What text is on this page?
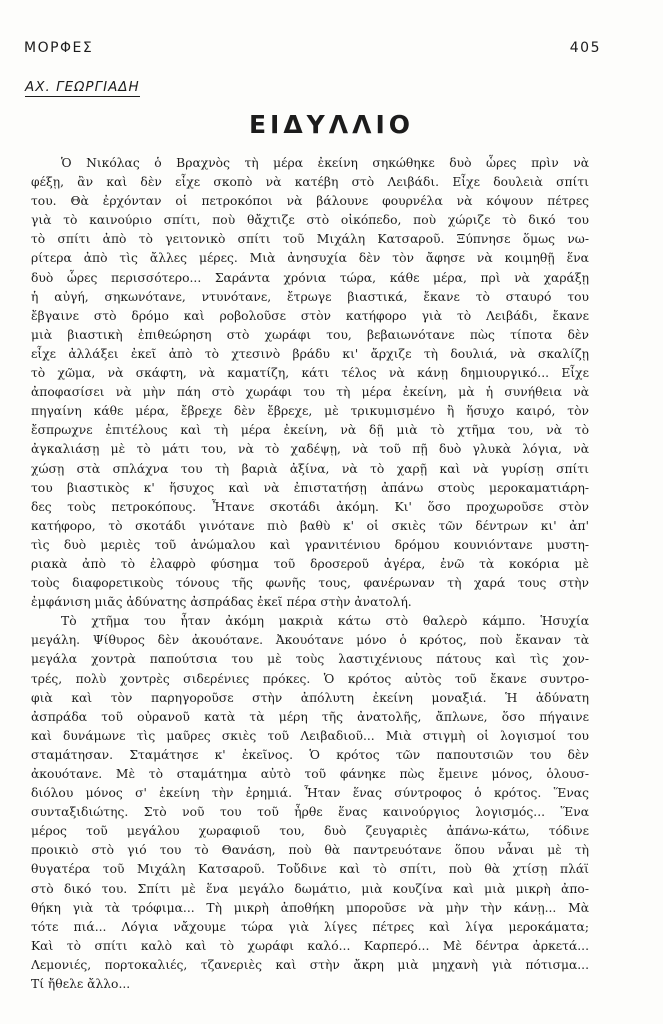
ΜΟΡΦΕΣ	405
ΑΧ. ΓΕΩΡΓΙΑΔΗ
ΕΙΔΥΛΛΙΟ
Ὁ Νικόλας ὁ Βραχνὸς τὴ μέρα ἐκείνη σηκώθηκε δυὸ ὧρες πρὶν νὰ
φέξῃ, ἂν καὶ δὲν εἶχε σκοπὸ νὰ κατέβη στὸ Λειβάδι. Εἶχε δουλειὰ σπίτι
του. Θὰ ἐρχόνταν οἱ πετροκόποι νὰ βάλουνε φουρνέλα νὰ κόψουν πέτρες
γιὰ τὸ καινούριο σπίτι, ποὺ θἄχτιζε στὸ οἰκόπεδο, ποὺ χώριζε τὸ δικό του
τὸ σπίτι ἀπὸ τὸ γειτονικὸ σπίτι τοῦ Μιχάλη Κατσαροῦ. Ξύπνησε ὅμως νω-
ρίτερα ἀπὸ τὶς ἄλλες μέρες. Μιὰ ἀνησυχία δὲν τὸν ἄφησε νὰ κοιμηθῇ ἕνα
δυὸ ὧρες περισσότερο... Σαράντα χρόνια τώρα, κάθε μέρα, πρὶ νὰ χαράξῃ
ἡ αὐγή, σηκωνότανε, ντυνότανε, ἔτρωγε βιαστικά, ἔκανε τὸ σταυρό του
ἔβγαινε στὸ δρόμο καὶ ροβολοῦσε στὸν κατήφορο γιὰ τὸ Λειβάδι, ἔκανε
μιὰ βιαστικὴ ἐπιθεώρηση στὸ χωράφι του, βεβαιωνότανε πὼς τίποτα δὲν
εἶχε ἀλλάξει ἐκεῖ ἀπὸ τὸ χτεσινὸ βράδυ κι' ἄρχιζε τὴ δουλιά, νὰ σκαλίζῃ
τὸ χῶμα, νὰ σκάφτη, νὰ καματίζη, κάτι τέλος νὰ κάνῃ δημιουργικό... Εἶχε
ἀποφασίσει νὰ μὴν πάη στὸ χωράφι του τὴ μέρα ἐκείνη, μὰ ἡ συνήθεια νὰ
πηγαίνη κάθε μέρα, ἔβρεχε δὲν ἔβρεχε, μὲ τρικυμισμένο ἢ ἥσυχο καιρό, τὸν
ἔσπρωχνε ἐπιτέλους καὶ τὴ μέρα ἐκείνη, νὰ δῇ μιὰ τὸ χτῆμα του, νὰ τὸ
ἀγκαλιάσῃ μὲ τὸ μάτι του, νὰ τὸ χαδέψῃ, νὰ τοῦ πῇ δυὸ γλυκὰ λόγια, νὰ
χώσῃ στὰ σπλάχνα του τὴ βαριὰ ἀξίνα, νὰ τὸ χαρῇ καὶ νὰ γυρίσῃ σπίτι
του βιαστικὸς κ' ἥσυχος καὶ νὰ ἐπιστατήσῃ ἀπάνω στοὺς μεροκαματιάρη-
δες τοὺς πετροκόπους. Ἦτανε σκοτάδι ἀκόμη. Κι' ὅσο προχωροῦσε στὸν
κατήφορο, τὸ σκοτάδι γινότανε πιὸ βαθὺ κ' οἱ σκιὲς τῶν δέντρων κι' ἀπ'
τὶς δυὸ μεριὲς τοῦ ἀνώμαλου καὶ γρανιτένιου δρόμου κουνιόντανε μυστη-
ριακὰ ἀπὸ τὸ ἐλαφρὸ φύσημα τοῦ δροσεροῦ ἀγέρα, ἐνῶ τὰ κοκόρια μὲ
τοὺς διαφορετικοὺς τόνους τῆς φωνῆς τους, φανέρωναν τὴ χαρά τους στὴν
ἐμφάνιση μιᾶς ἀδύνατης ἀσπράδας ἐκεῖ πέρα στὴν ἀνατολή.
Τὸ χτῆμα του ἦταν ἀκόμη μακριὰ κάτω στὸ θαλερὸ κάμπο. Ἡσυχία
μεγάλη. Ψίθυρος δὲν ἀκουότανε. Ἀκουότανε μόνο ὁ κρότος, ποὺ ἔκαναν τὰ
μεγάλα χοντρὰ παπούτσια του μὲ τοὺς λαστιχένιους πάτους καὶ τὶς χον-
τρές, πολὺ χοντρὲς σιδερένιες πρόκες. Ὁ κρότος αὐτὸς τοῦ ἔκανε συντρο-
φιὰ καὶ τὸν παρηγοροῦσε στὴν ἀπόλυτη ἐκείνη μοναξιά. Ἡ ἀδύνατη
ἀσπράδα τοῦ οὐρανοῦ κατὰ τὰ μέρη τῆς ἀνατολῆς, ἄπλωνε, ὅσο πήγαινε
καὶ δυνάμωνε τὶς μαῦρες σκιὲς τοῦ Λειβαδιοῦ... Μιὰ στιγμὴ οἱ λογισμοί του
σταμάτησαν. Σταμάτησε κ' ἐκεῖνος. Ὁ κρότος τῶν παπουτσιῶν του δὲν
ἀκουότανε. Μὲ τὸ σταμάτημα αὐτὸ τοῦ φάνηκε πὼς ἔμεινε μόνος, ὁλουσ-
διόλου μόνος σ' ἐκείνη τὴν ἐρημιά. Ἦταν ἕνας σύντροφος ὁ κρότος. Ἕνας
συνταξιδιώτης. Στὸ νοῦ του τοῦ ἦρθε ἕνας καινούργιος λογισμός... Ἕνα
μέρος τοῦ μεγάλου χωραφιοῦ του, δυὸ ζευγαριὲς ἀπάνω-κάτω, τόδινε
προικιὸ στὸ γιό του τὸ Θανάση, ποὺ θὰ παντρευότανε ὅπου νἆναι μὲ τὴ
θυγατέρα τοῦ Μιχάλη Κατσαροῦ. Τοὔδινε καὶ τὸ σπίτι, ποὺ θὰ χτίσῃ πλάϊ
στὸ δικό του. Σπίτι μὲ ἕνα μεγάλο δωμάτιο, μιὰ κουζίνα καὶ μιὰ μικρὴ ἀπο-
θήκη γιὰ τὰ τρόφιμα... Τὴ μικρὴ ἀποθήκη μποροῦσε νὰ μὴν τὴν κάνῃ... Μὰ
τότε πιά... Λόγια νἄχουμε τώρα γιὰ λίγες πέτρες καὶ λίγα μεροκάματα;
Καὶ τὸ σπίτι καλὸ καὶ τὸ χωράφι καλό... Καρπερό... Μὲ δέντρα ἀρκετά...
Λεμονιές, πορτοκαλιές, τζανεριὲς καὶ στὴν ἄκρη μιὰ μηχανὴ γιὰ πότισμα...
Τί ἤθελε ἄλλο...
